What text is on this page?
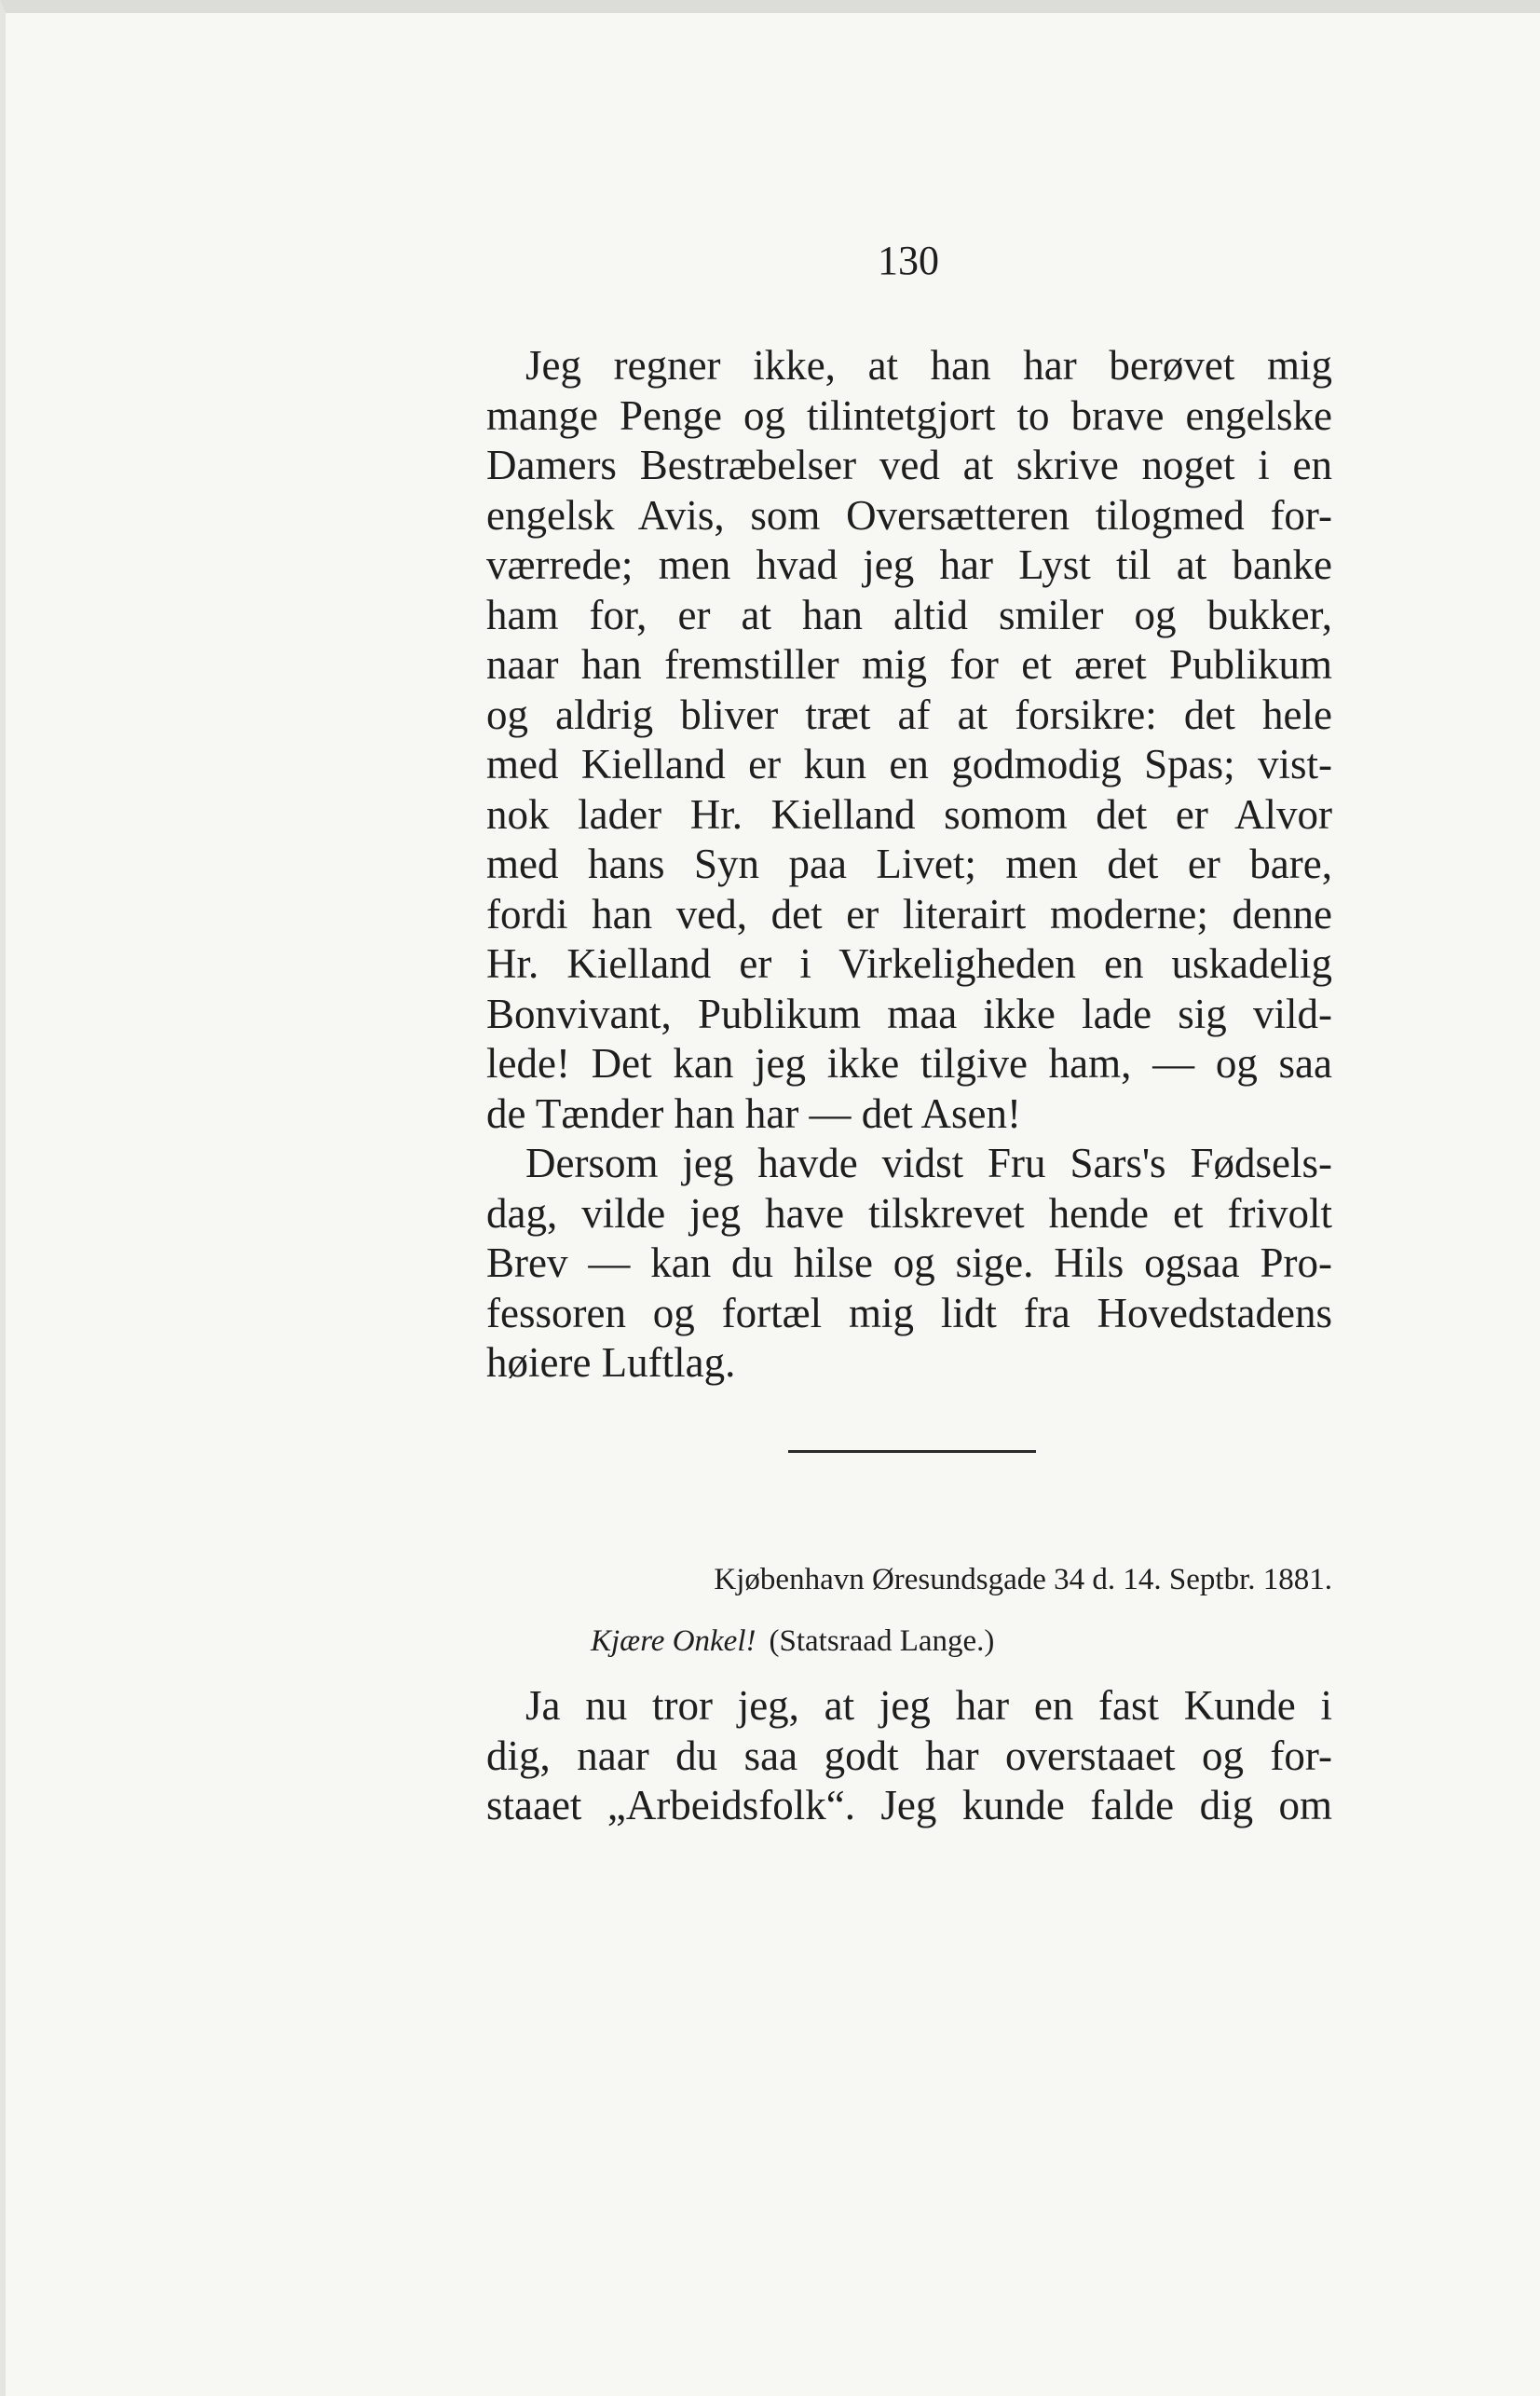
130
Jeg regner ikke, at han har berøvet mig
mange Penge og tilintetgjort to brave engelske
Damers Bestræbelser ved at skrive noget i en
engelsk Avis, som Oversætteren tilogmed for-
værrede; men hvad jeg har Lyst til at banke
ham for, er at han altid smiler og bukker,
naar han fremstiller mig for et æret Publikum
og aldrig bliver træt af at forsikre: det hele
med Kielland er kun en godmodig Spas; vist-
nok lader Hr. Kielland somom det er Alvor
med hans Syn paa Livet; men det er bare,
fordi han ved, det er literairt moderne; denne
Hr. Kielland er i Virkeligheden en uskadelig
Bonvivant, Publikum maa ikke lade sig vild-
lede! Det kan jeg ikke tilgive ham, — og saa
de Tænder han har — det Asen!
Dersom jeg havde vidst Fru Sars's Fødsels-
dag, vilde jeg have tilskrevet hende et frivolt
Brev — kan du hilse og sige. Hils ogsaa Pro-
fessoren og fortæl mig lidt fra Hovedstadens
høiere Luftlag.
Kjøbenhavn Øresundsgade 34 d. 14. Septbr. 1881.
Kjære Onkel! (Statsraad Lange.)
Ja nu tror jeg, at jeg har en fast Kunde i
dig, naar du saa godt har overstaaet og for-
staaet „Arbeidsfolk“. Jeg kunde falde dig om
